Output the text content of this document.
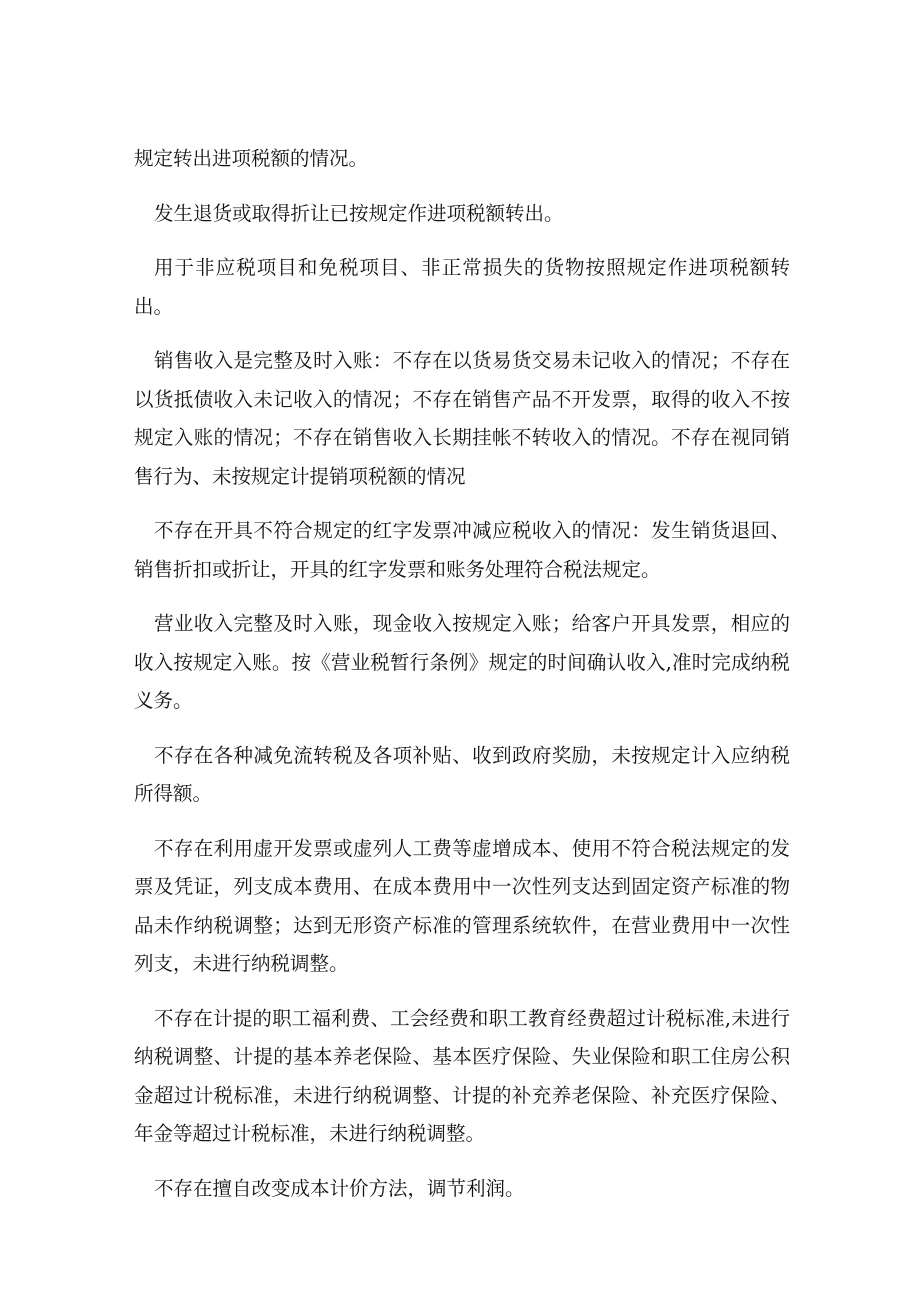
规定转出进项税额的情况。

发生退货或取得折让已按规定作进项税额转出。

用于非应税项目和免税项目、非正常损失的货物按照规定作进项税额转出。

销售收入是完整及时入账：不存在以货易货交易未记收入的情况；不存在以货抵债收入未记收入的情况；不存在销售产品不开发票，取得的收入不按规定入账的情况；不存在销售收入长期挂帐不转收入的情况。不存在视同销售行为、未按规定计提销项税额的情况

不存在开具不符合规定的红字发票冲减应税收入的情况：发生销货退回、销售折扣或折让，开具的红字发票和账务处理符合税法规定。

营业收入完整及时入账，现金收入按规定入账；给客户开具发票，相应的收入按规定入账。按《营业税暂行条例》规定的时间确认收入,准时完成纳税义务。

不存在各种减免流转税及各项补贴、收到政府奖励，未按规定计入应纳税所得额。

不存在利用虚开发票或虚列人工费等虚增成本、使用不符合税法规定的发票及凭证，列支成本费用、在成本费用中一次性列支达到固定资产标准的物品未作纳税调整；达到无形资产标准的管理系统软件，在营业费用中一次性列支，未进行纳税调整。

不存在计提的职工福利费、工会经费和职工教育经费超过计税标准,未进行纳税调整、计提的基本养老保险、基本医疗保险、失业保险和职工住房公积金超过计税标准，未进行纳税调整、计提的补充养老保险、补充医疗保险、年金等超过计税标准，未进行纳税调整。

不存在擅自改变成本计价方法，调节利润。
